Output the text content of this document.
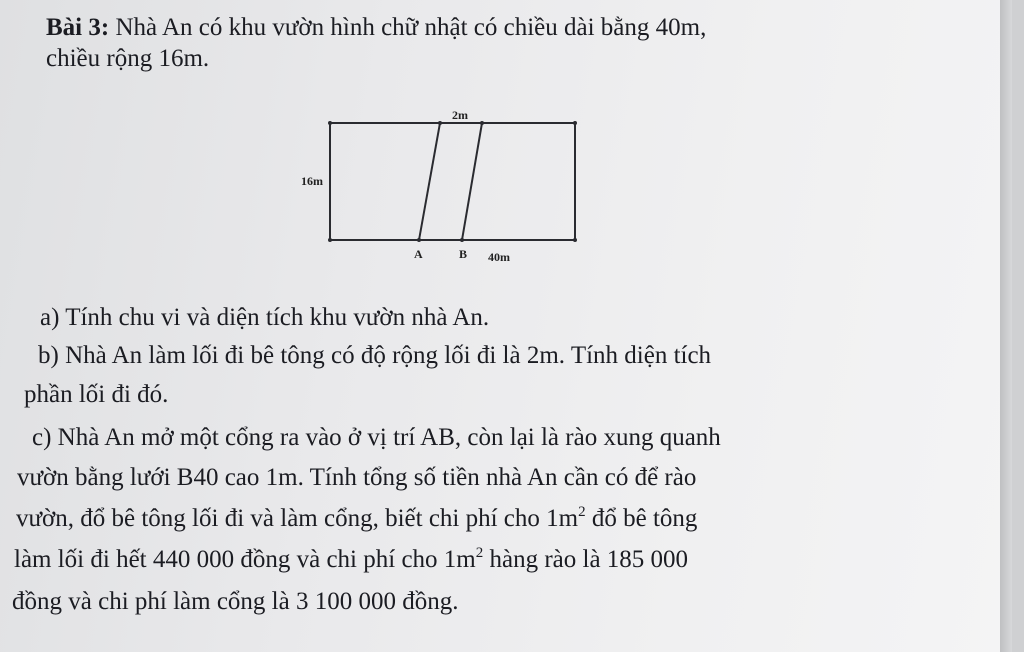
Bài 3: Nhà An có khu vườn hình chữ nhật có chiều dài bằng 40m,
chiều rộng 16m.
2m
16m
A	B 40m
a) Tính chu vi và diện tích khu vườn nhà An.
b) Nhà An làm lối đi bê tông có độ rộng lối đi là 2m. Tính diện tích
phần lối đi đó.
c) Nhà An mở một cổng ra vào ở vị trí AB, còn lại là rào xung quanh
vườn bằng lưới B40 cao 1m. Tính tổng số tiền nhà An cần có để rào
vườn, đổ bê tông lối đi và làm cổng, biết chi phí cho $1m^2$ đổ bê tông
làm lối đi hết 440 000 đồng và chi phí cho $1m^2$ hàng rào là 185 000
đồng và chi phí làm cổng là 3 100 000 đồng.
